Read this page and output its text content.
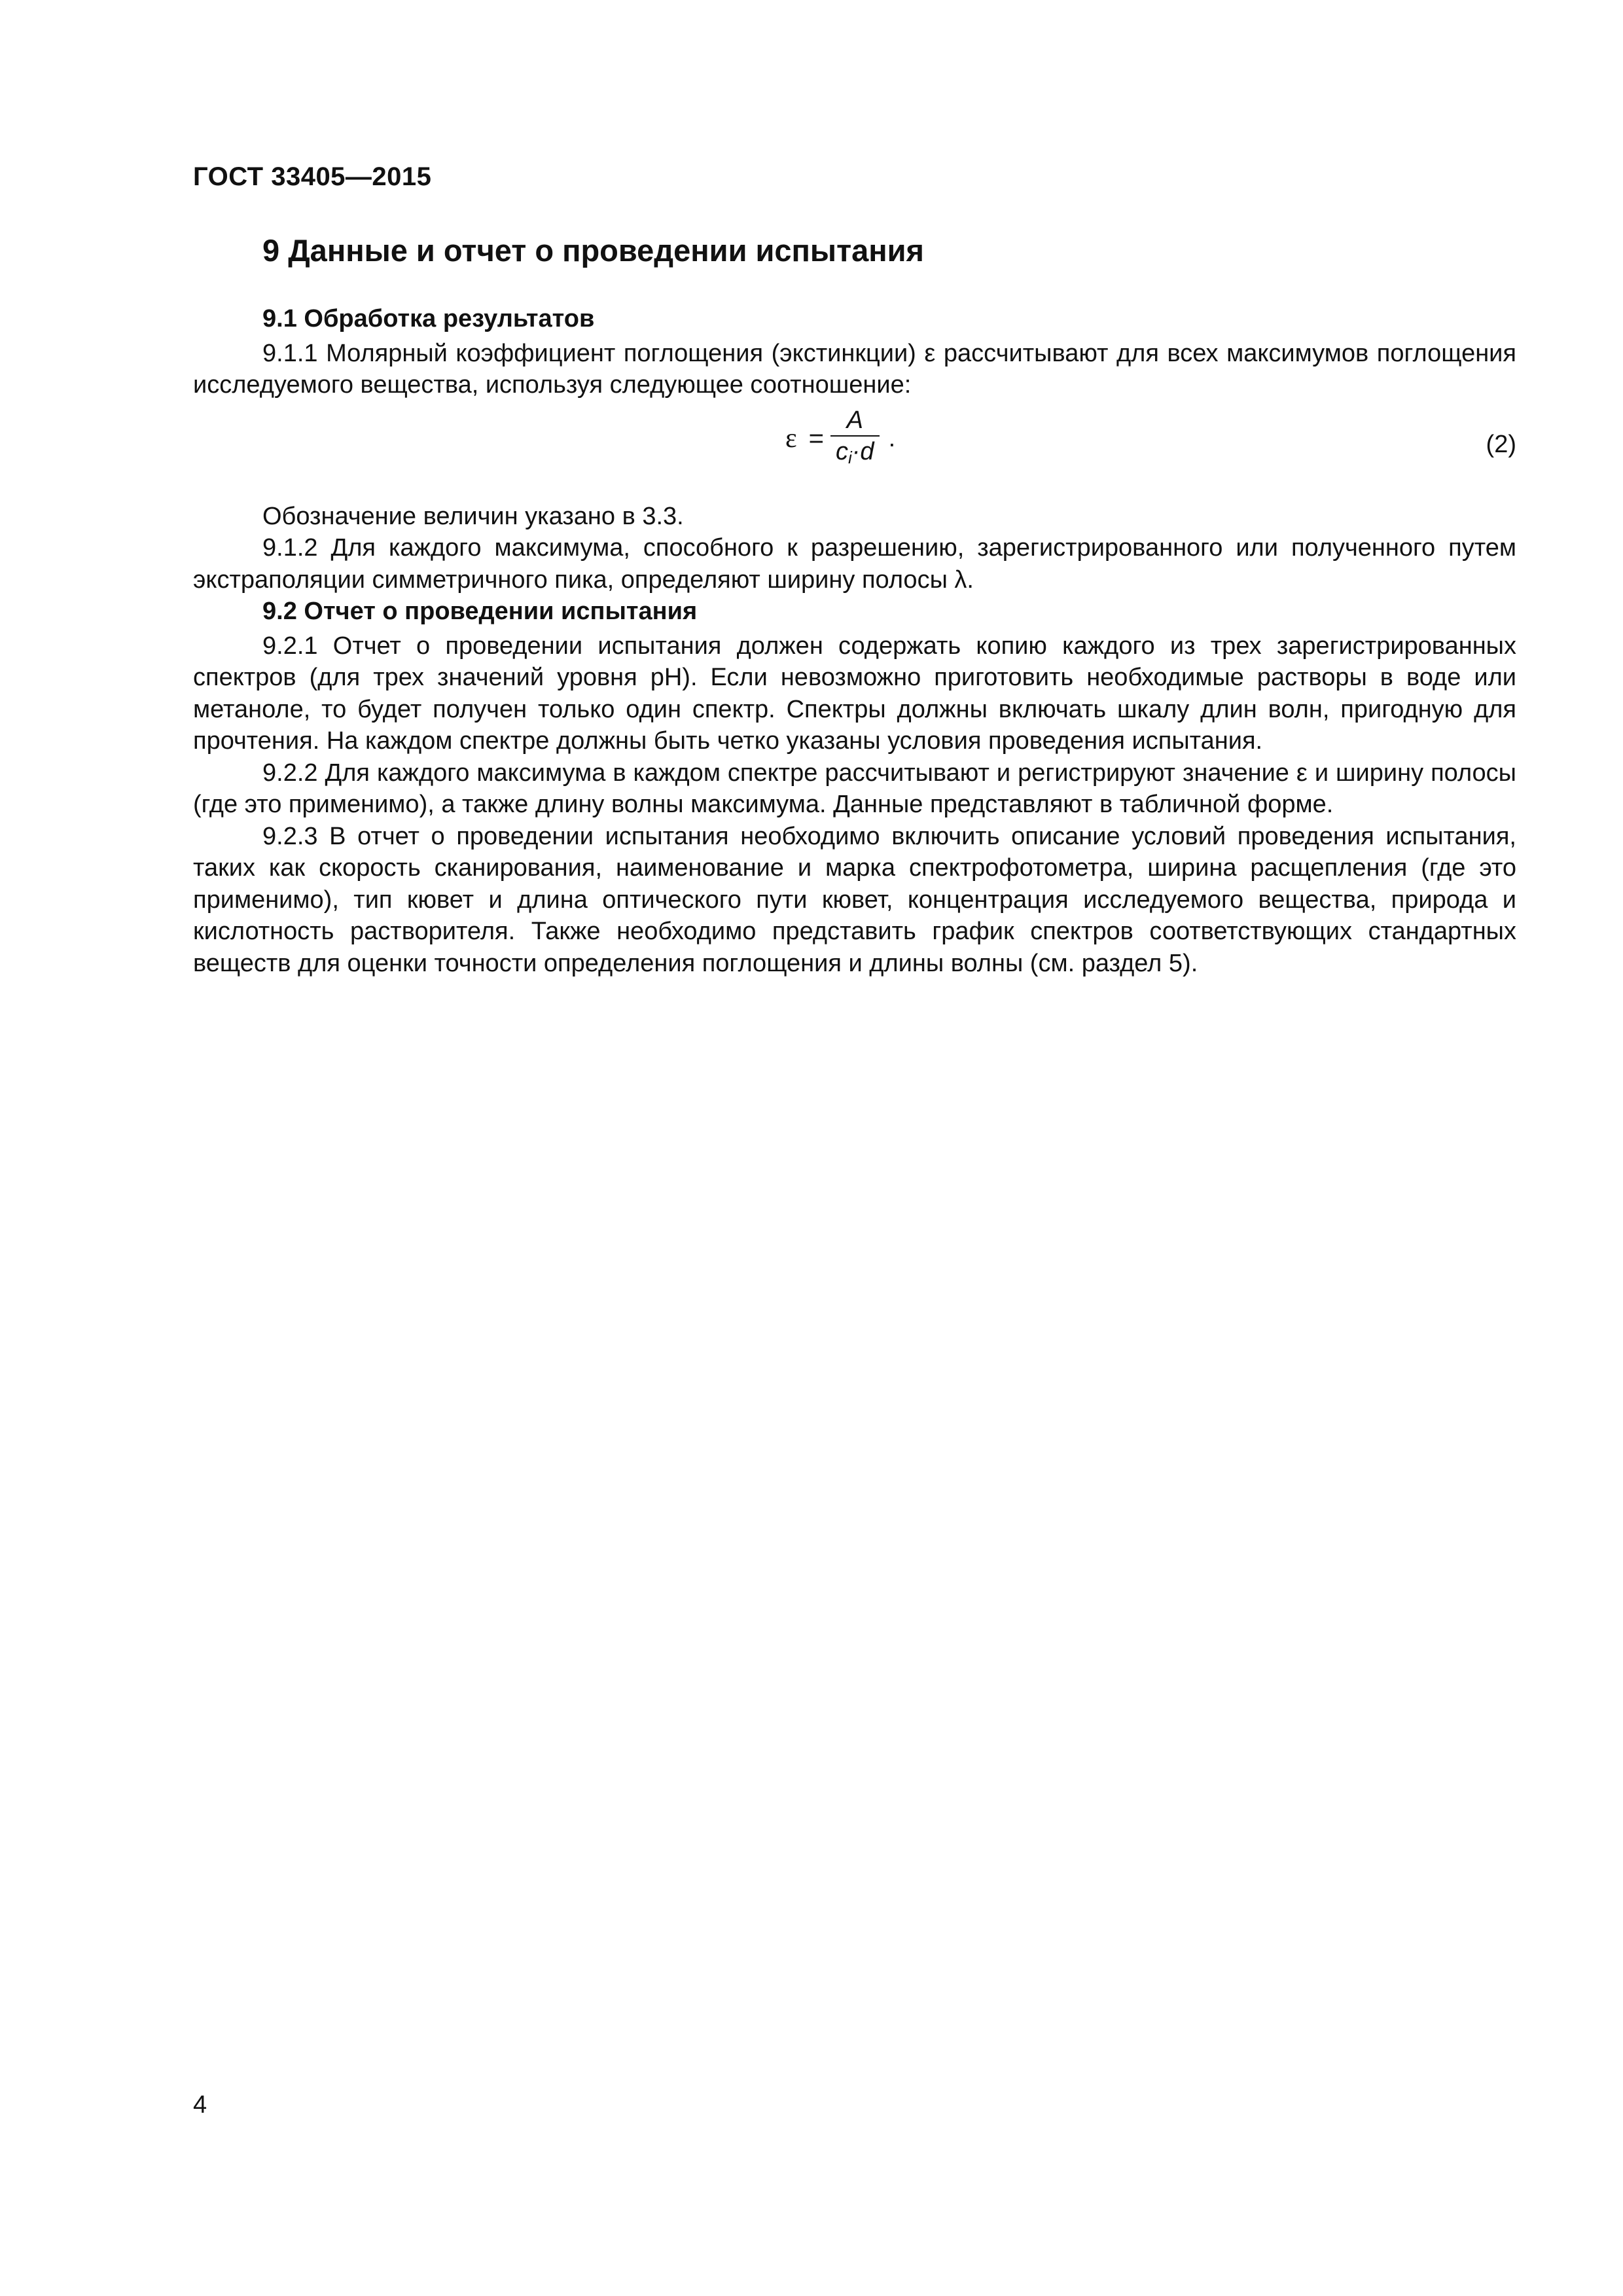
ГОСТ 33405—2015
9 Данные и отчет о проведении испытания
9.1 Обработка результатов

9.1.1 Молярный коэффициент поглощения (экстинкции) ε рассчитывают для всех максимумов поглощения исследуемого вещества, используя следующее соотношение:

$\varepsilon = \frac{A}{c_i\cdot d}$ .	(2)

Обозначение величин указано в 3.3.

9.1.2 Для каждого максимума, способного к разрешению, зарегистрированного или полученного путем экстраполяции симметричного пика, определяют ширину полосы λ.

9.2 Отчет о проведении испытания

9.2.1 Отчет о проведении испытания должен содержать копию каждого из трех зарегистрированных спектров (для трех значений уровня pH). Если невозможно приготовить необходимые растворы в воде или метаноле, то будет получен только один спектр. Спектры должны включать шкалу длин волн, пригодную для прочтения. На каждом спектре должны быть четко указаны условия проведения испытания.

9.2.2 Для каждого максимума в каждом спектре рассчитывают и регистрируют значение ε и ширину полосы (где это применимо), а также длину волны максимума. Данные представляют в табличной форме.

9.2.3 В отчет о проведении испытания необходимо включить описание условий проведения испытания, таких как скорость сканирования, наименование и марка спектрофотометра, ширина расщепления (где это применимо), тип кювет и длина оптического пути кювет, концентрация исследуемого вещества, природа и кислотность растворителя. Также необходимо представить график спектров соответствующих стандартных веществ для оценки точности определения поглощения и длины волны (см. раздел 5).

4
